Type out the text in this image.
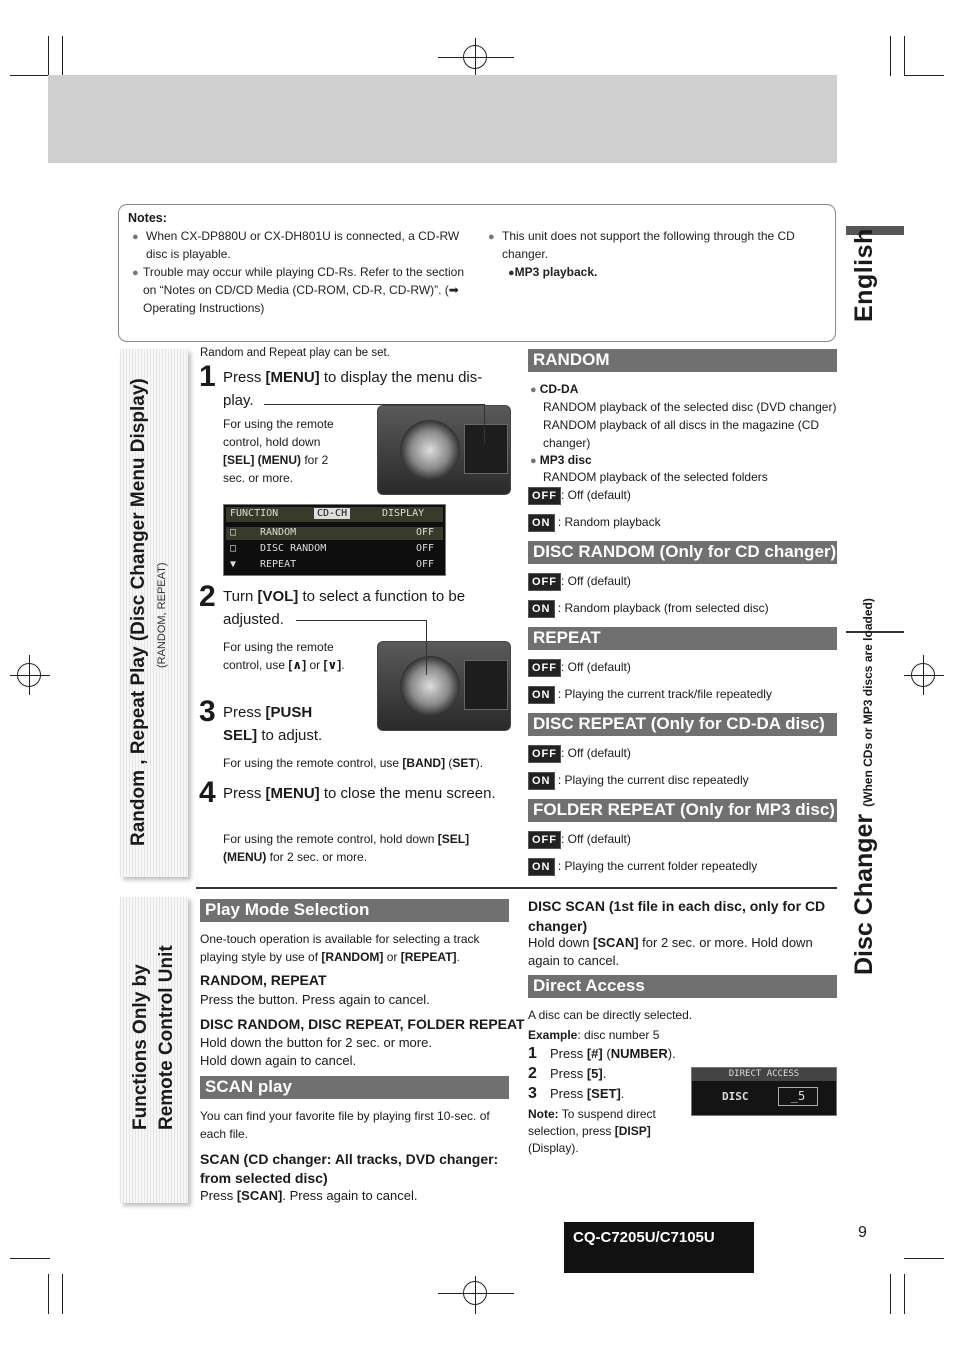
Notes:
● When CX-DP880U or CX-DH801U is connected, a CD-RW disc is playable.
● Trouble may occur while playing CD-Rs. Refer to the section on “Notes on CD/CD Media (CD-ROM, CD-R, CD-RW)”. (➡ Operating Instructions)
● This unit does not support the following through the CD changer.
●MP3 playback.	English
Disc Changer (When CDs or MP3 discs are loaded)
Random , Repeat Play (Disc Changer Menu Display) (RANDOM, REPEAT)
Functions Only by Remote Control Unit
Random and Repeat play can be set.
1 Press [MENU] to display the menu dis-play.
For using the remote control, hold down [SEL] (MENU) for 2 sec. or more.
FUNCTION	CD-CH	DISPLAY
□ RANDOM	OFF
□ DISC RANDOM	OFF
▼ REPEAT	OFF
2 Turn [VOL] to select a function to be adjusted.
For using the remote control, use [∧] or [∨].
3 Press [PUSH SEL] to adjust.
For using the remote control, use [BAND] (SET).
4 Press [MENU] to close the menu screen.
For using the remote control, hold down [SEL] (MENU) for 2 sec. or more.
RANDOM
● CD-DA
RANDOM playback of the selected disc (DVD changer)
RANDOM playback of all discs in the magazine (CD changer)
● MP3 disc
RANDOM playback of the selected folders
OFF : Off (default)
ON : Random playback
DISC RANDOM (Only for CD changer)
OFF : Off (default)
ON : Random playback (from selected disc)
REPEAT
OFF : Off (default)
ON : Playing the current track/file repeatedly
DISC REPEAT (Only for CD-DA disc)
OFF : Off (default)
ON : Playing the current disc repeatedly
FOLDER REPEAT (Only for MP3 disc)
OFF : Off (default)
ON : Playing the current folder repeatedly
Play Mode Selection
One-touch operation is available for selecting a track playing style by use of [RANDOM] or [REPEAT].
RANDOM, REPEAT
Press the button. Press again to cancel.
DISC RANDOM, DISC REPEAT, FOLDER REPEAT
Hold down the button for 2 sec. or more.
Hold down again to cancel.
SCAN play
You can find your favorite file by playing first 10-sec. of each file.
SCAN (CD changer: All tracks, DVD changer: from selected disc)
Press [SCAN]. Press again to cancel.
DISC SCAN (1st file in each disc, only for CD changer)
Hold down [SCAN] for 2 sec. or more. Hold down again to cancel.
Direct Access
A disc can be directly selected.
Example: disc number 5
1 Press [#] (NUMBER).
2 Press [5].
3 Press [SET].
Note: To suspend direct selection, press [DISP] (Display).
DIRECT ACCESS
DISC	_5
CQ-C7205U/C7105U	9
